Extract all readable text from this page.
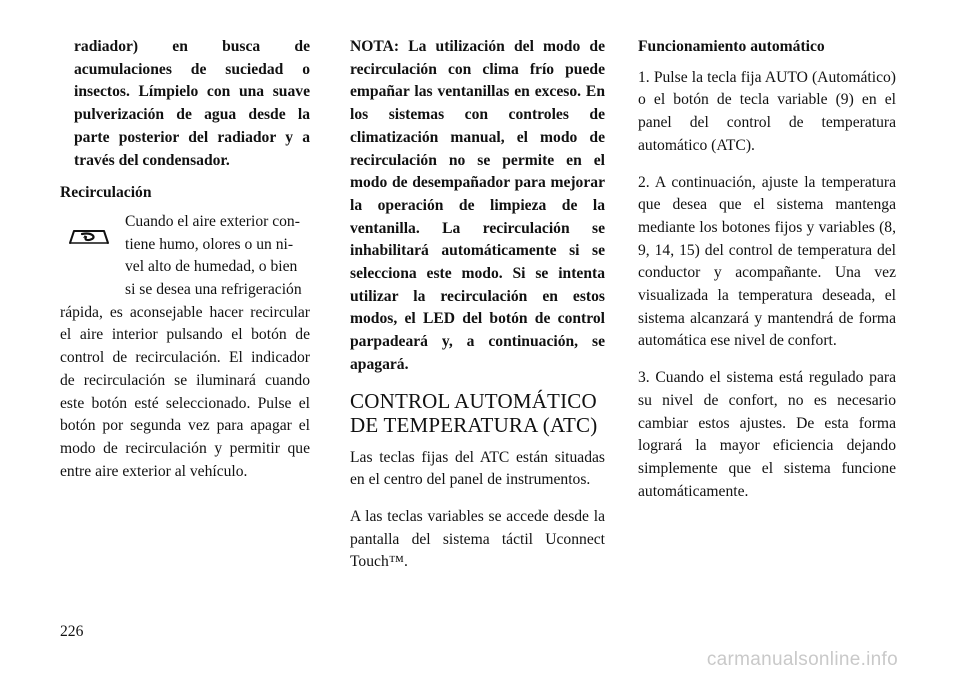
radiador) en busca de acumulaciones de suciedad o insectos. Límpielo con una suave pulverización de agua desde la parte posterior del radiador y a través del condensador.

Recirculación

Cuando el aire exterior con-

tiene humo, olores o un ni-

vel alto de humedad, o bien

si se desea una refrigeración

rápida, es aconsejable hacer recircular el aire interior pulsando el botón de control de recirculación. El indicador de recirculación se iluminará cuando este botón esté seleccionado. Pulse el botón por segunda vez para apagar el modo de recirculación y permitir que entre aire exterior al vehículo.

NOTA: La utilización del modo de recirculación con clima frío puede empañar las ventanillas en exceso. En los sistemas con controles de climatización manual, el modo de recirculación no se permite en el modo de desempañador para mejorar la operación de limpieza de la ventanilla. La recirculación se inhabilitará automáticamente si se selecciona este modo. Si se intenta utilizar la recirculación en estos modos, el LED del botón de control parpadeará y, a continuación, se apagará.

CONTROL AUTOMÁTICO
DE TEMPERATURA (ATC)

Las teclas fijas del ATC están situadas en el centro del panel de instrumentos.

A las teclas variables se accede desde la pantalla del sistema táctil Uconnect Touch™.

Funcionamiento automático

1. Pulse la tecla fija AUTO (Automático) o el botón de tecla variable (9) en el panel del control de temperatura automático (ATC).

2. A continuación, ajuste la temperatura que desea que el sistema mantenga mediante los botones fijos y variables (8, 9, 14, 15) del control de temperatura del conductor y acompañante. Una vez visualizada la temperatura deseada, el sistema alcanzará y mantendrá de forma automática ese nivel de confort.

3. Cuando el sistema está regulado para su nivel de confort, no es necesario cambiar estos ajustes. De esta forma logrará la mayor eficiencia dejando simplemente que el sistema funcione automáticamente.

226
carmanualsonline.info
